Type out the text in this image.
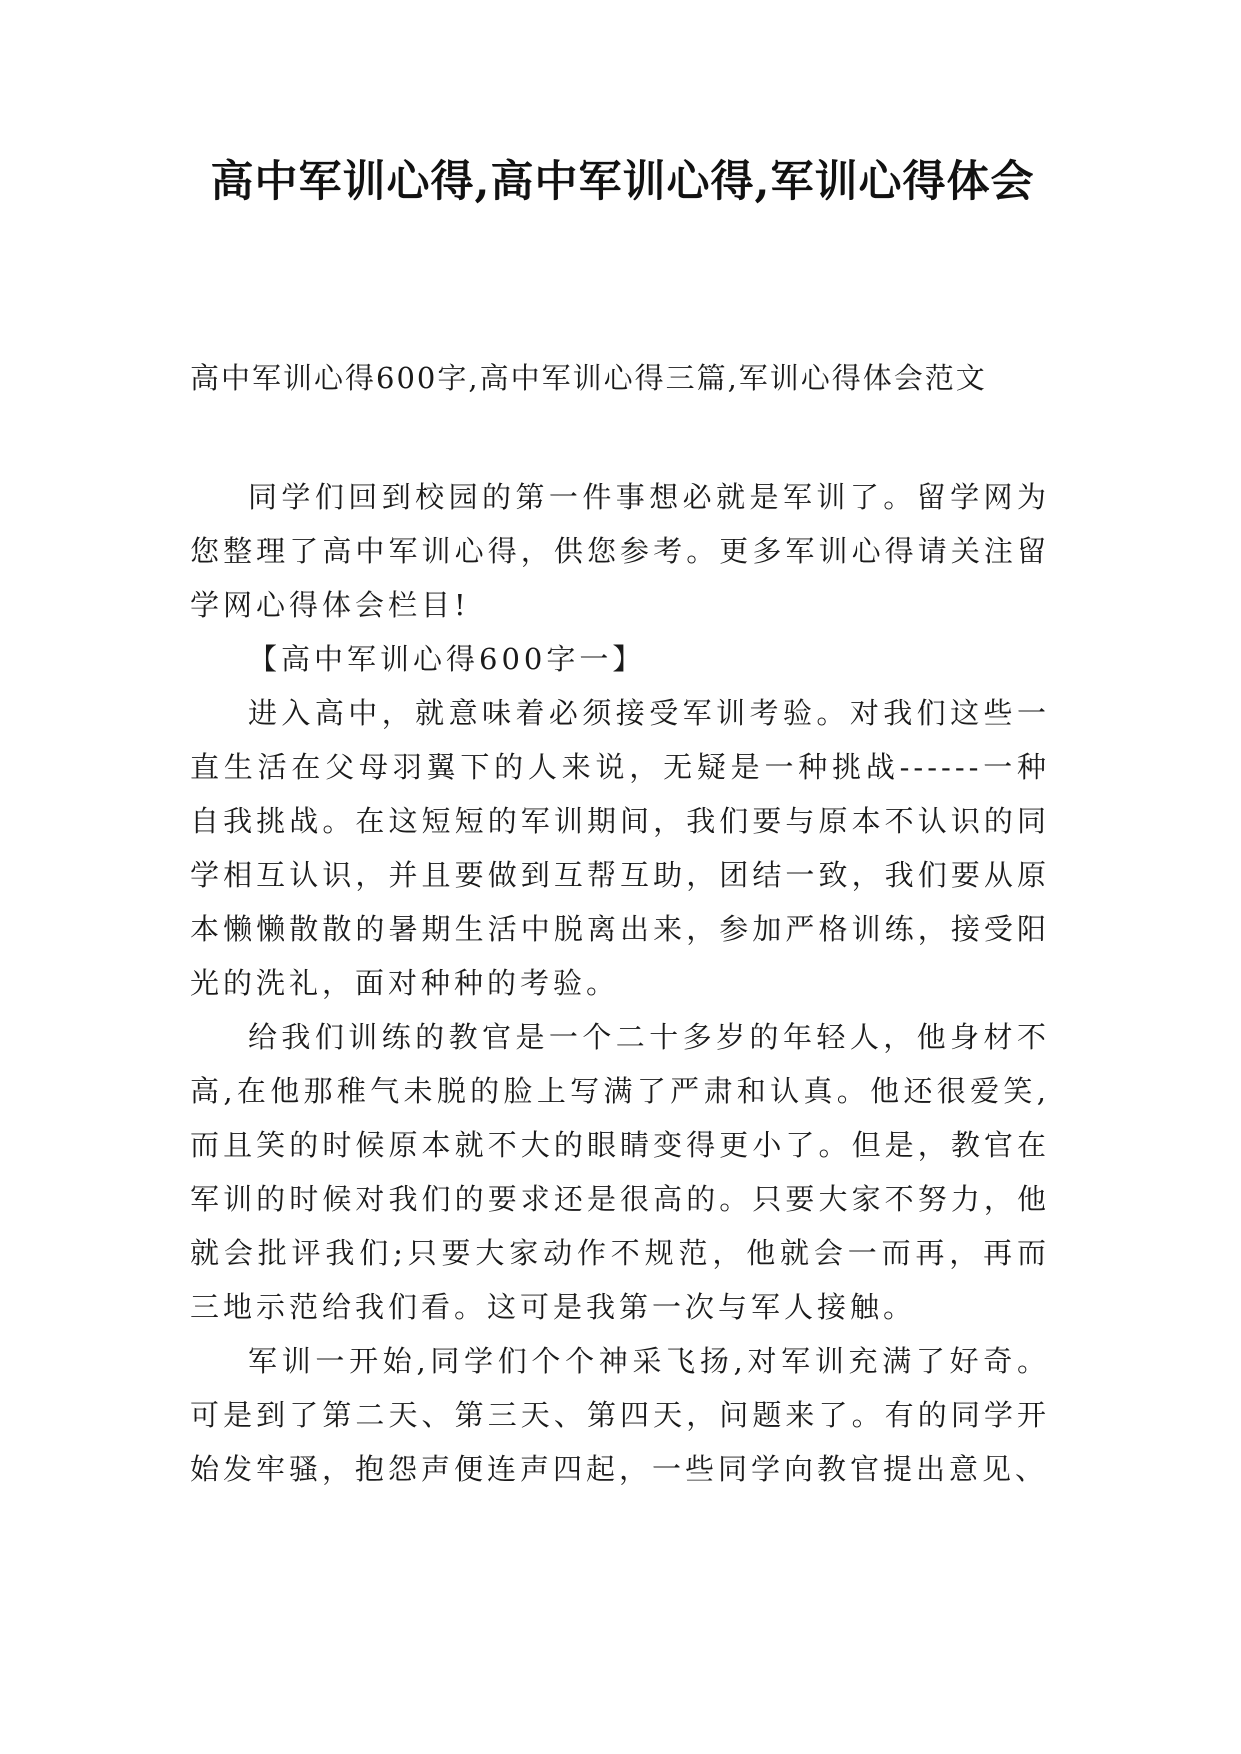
高中军训心得,高中军训心得,军训心得体会
高中军训心得600字,高中军训心得三篇,军训心得体会范文

同学们回到校园的第一件事想必就是军训了。留学网为您整理了高中军训心得，供您参考。更多军训心得请关注留学网心得体会栏目!

【高中军训心得600字一】

进入高中，就意味着必须接受军训考验。对我们这些一直生活在父母羽翼下的人来说，无疑是一种挑战------一种自我挑战。在这短短的军训期间，我们要与原本不认识的同学相互认识，并且要做到互帮互助，团结一致，我们要从原本懒懒散散的暑期生活中脱离出来，参加严格训练，接受阳光的洗礼，面对种种的考验。

给我们训练的教官是一个二十多岁的年轻人，他身材不高,在他那稚气未脱的脸上写满了严肃和认真。他还很爱笑,而且笑的时候原本就不大的眼睛变得更小了。但是，教官在军训的时候对我们的要求还是很高的。只要大家不努力，他就会批评我们;只要大家动作不规范，他就会一而再，再而三地示范给我们看。这可是我第一次与军人接触。

军训一开始,同学们个个神采飞扬,对军训充满了好奇。可是到了第二天、第三天、第四天，问题来了。有的同学开始发牢骚，抱怨声便连声四起，一些同学向教官提出意见、
